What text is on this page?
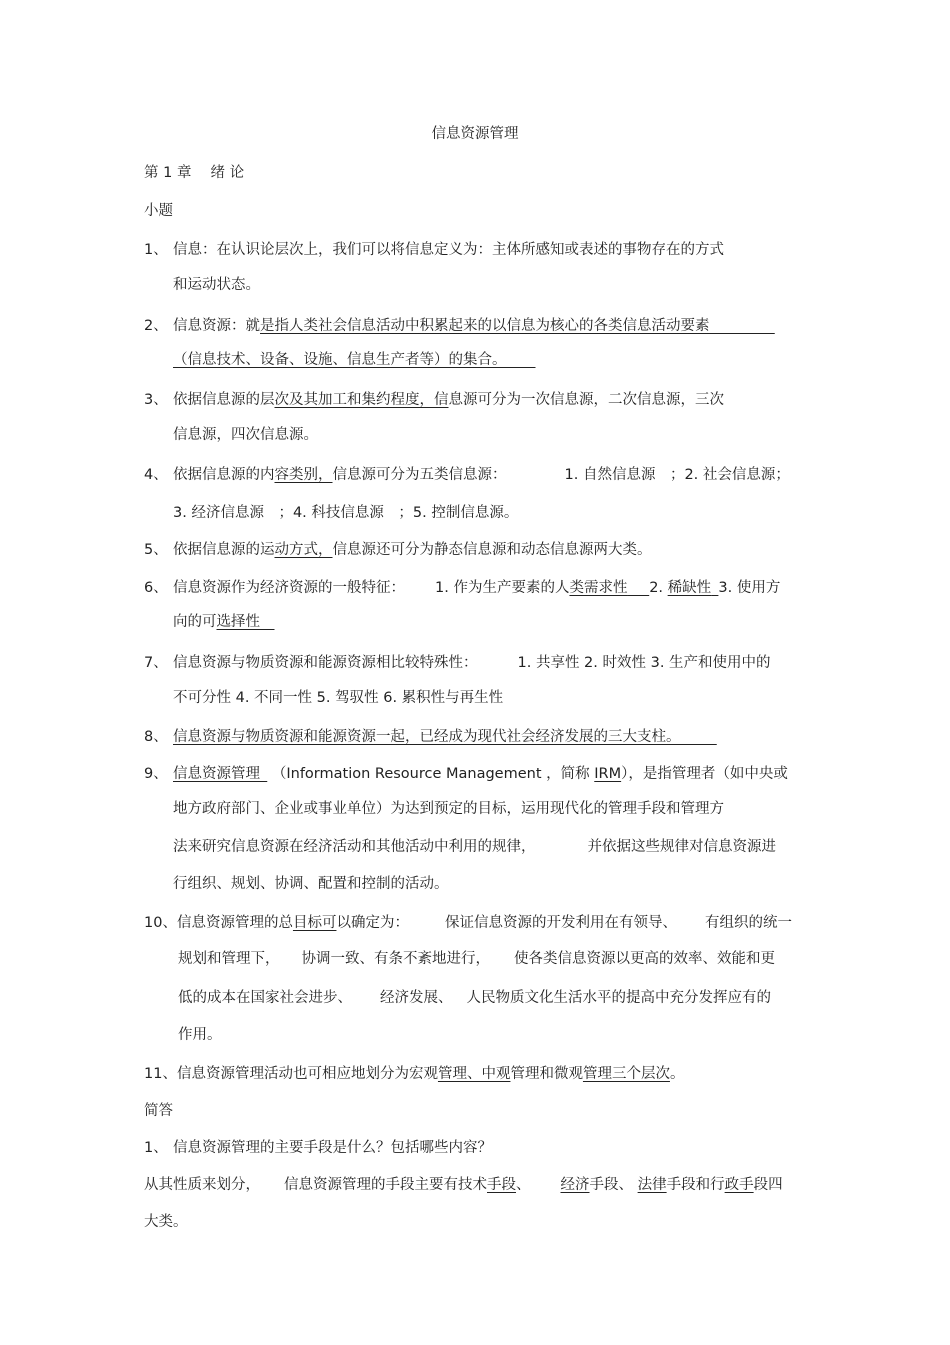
信息资源管理
第 1 章　 绪 论
小题
1、 信息：在认识论层次上，我们可以将信息定义为：主体所感知或表述的事物存在的方式
和运动状态。
2、 信息资源：就是指人类社会信息活动中积累起来的以信息为核心的各类信息活动要素     
（信息技术、设备、设施、信息生产者等）的集合。  
3、 依据信息源的层次及其加工和集约程度，信息源可分为一次信息源，二次信息源，三次
信息源，四次信息源。
4、 依据信息源的内容类别，信息源可分为五类信息源：	1. 自然信息源　；2. 社会信息源；
3. 经济信息源　；4. 科技信息源　；5. 控制信息源。
5、 依据信息源的运动方式，信息源还可分为静态信息源和动态信息源两大类。
6、 信息资源作为经济资源的一般特征： 1. 作为生产要素的人类需求性   2. 稀缺性  3. 使用方
向的可选择性 
7、 信息资源与物质资源和能源资源相比较特殊性：	1. 共享性 2. 时效性 3. 生产和使用中的
不可分性 4. 不同一性 5. 驾驭性 6. 累积性与再生性
8、 信息资源与物质资源和能源资源一起，已经成为现代社会经济发展的三大支柱。   
9、 信息资源管理  （Information Resource Management ，简称 IRM），是指管理者（如中央或
地方政府部门、企业或事业单位）为达到预定的目标，运用现代化的管理手段和管理方
法来研究信息资源在经济活动和其他活动中利用的规律，	并依据这些规律对信息资源进
行组织、规划、协调、配置和控制的活动。
10、信息资源管理的总目标可以确定为： 保证信息资源的开发利用在有领导、 有组织的统一
规划和管理下， 协调一致、有条不紊地进行， 使各类信息资源以更高的效率、效能和更
低的成本在国家社会进步、 经济发展、 人民物质文化生活水平的提高中充分发挥应有的
作用。
11、信息资源管理活动也可相应地划分为宏观管理、中观管理和微观管理三个层次。
简答
1、 信息资源管理的主要手段是什么？包括哪些内容？
从其性质来划分， 信息资源管理的手段主要有技术手段、 经济手段、 法律手段和行政手段四
大类。
